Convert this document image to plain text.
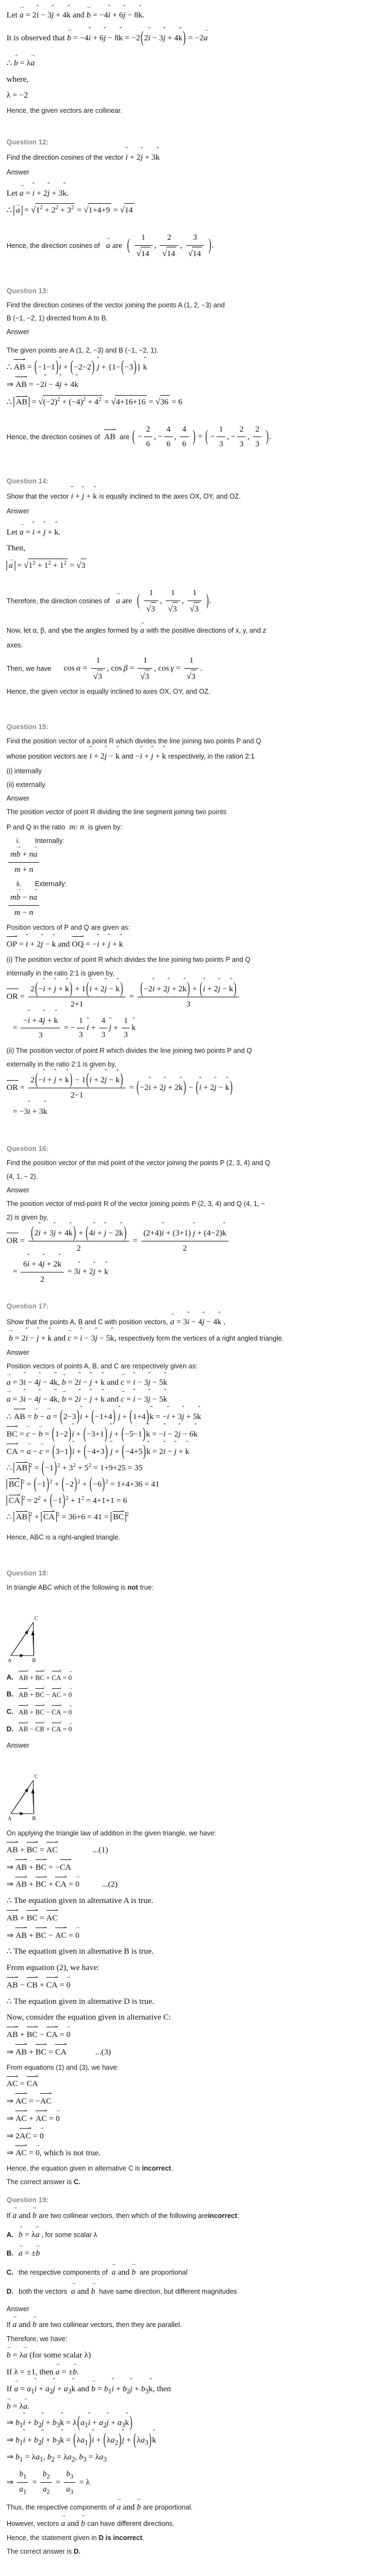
Let a → = 2i ˆ − 3j ˆ + 4k ˆ and b → = −4i ˆ + 6j ˆ − 8k ˆ.
It is observed that b → = −4i ˆ + 6j ˆ − 8k ˆ = −2(2i ˆ − 3j ˆ + 4k ˆ) = −2a →
∴ b → = λa →
where,
λ = −2
Hence, the given vectors are collinear.
Question 12:
Find the direction cosines of the vector i ˆ + 2j ˆ + 3k ˆ
Answer
Let a → = i ˆ + 2j ˆ + 3k ˆ.
∴ a → = $√1^2 + 2^2 + 3^2 = √1+4+9 = √14$
Hence, the direction cosines of a → are ( $\frac{1}{√14}$ , $\frac{2}{√14}$ , $\frac{3}{√14}$ ).
Question 13:
Find the direction cosines of the vector joining the points A (1, 2, −3) and
B (−1, −2, 1) directed from A to B.
Answer
The given points are A (1, 2, −3) and B (−1, −2, 1).
∴ → AB = (−1−1)i ˆ + (−2−2) j ˆ + {1−(−3)} k ˆ
⇒ → AB = −2i ˆ − 4j ˆ + 4k ˆ
∴ → AB = $√(-2)^2 + (-4)^2 + 4^2 = √4+16+16 = √36 = 6$
Hence, the direction cosines of → AB are ( − $\frac{2}{6}$ , − $\frac{4}{6}$ , $\frac{4}{6}$ ) = ( − $\frac{1}{3}$ , − $\frac{2}{3}$ , $\frac{2}{3}$ ).
Question 14:
Show that the vector i ˆ + j ˆ + k ˆ is equally inclined to the axes OX, OY, and OZ.
Answer
Let a → = i ˆ + j ˆ + k ˆ.
Then,
a → = $√1^2 + 1^2 + 1^2 = √3$
Therefore, the direction cosines of a → are ( $\frac{1}{√3}$ , $\frac{1}{√3}$ , $\frac{1}{√3}$ ).
Now, let α, β, and γbe the angles formed by a → with the positive directions of x, y, and z
axes.
Then, we have $\cos \alpha = \frac{1}{√3}$ , $\cos \beta = \frac{1}{√3}$ , $\cos \gamma = \frac{1}{√3}$ .
Hence, the given vector is equally inclined to axes OX, OY, and OZ.
Question 15:
Find the position vector of a point R which divides the line joining two points P and Q
whose position vectors are i ˆ + 2j ˆ − k ˆ and −i ˆ + j ˆ + k ˆ respectively, in the ration 2:1
(i) internally
(ii) externally
Answer
The position vector of point R dividing the line segment joining two points
P and Q in the ratio m: n is given by:
i.	Internally:
$\frac{mb \to + na \to}{m + n}$
ii.	Externally:
$\frac{mb \to - na \to}{m - n}$
Position vectors of P and Q are given as:
→ OP = i ˆ + 2j ˆ − k ˆ and → OQ = −i ˆ + j ˆ + k ˆ
(i) The position vector of point R which divides the line joining two points P and Q
internally in the ratio 2:1 is given by,
OR = $\frac{\text{2(−i ˆ + j ˆ + k ˆ) + 1(i ˆ + 2j ˆ − k ˆ)}}{2+1} = \frac{\text{(−2i ˆ + 2j ˆ + 2k ˆ) + (i ˆ + 2j ˆ − k ˆ)}}{3}$
= $\frac{\text{−i ˆ + 4j ˆ + k ˆ}}{3}$ = − $\frac{1}{3}$ i ˆ + $\frac{4}{3}$ j ˆ + $\frac{1}{3}$ k ˆ
(ii) The position vector of point R which divides the line joining two points P and Q
externally in the ratio 2:1 is given by,
OR = $\frac{\text{2(−i ˆ + j ˆ + k ˆ) − 1(i ˆ + 2j ˆ − k ˆ)}}{2-1} = (-2i$ ˆ + 2j ˆ + 2k ˆ) − (i ˆ + 2j ˆ − k ˆ)
= −3i ˆ + 3k ˆ
Question 16:
Find the position vector of the mid point of the vector joining the points P (2, 3, 4) and Q
(4, 1, − 2).
Answer
The position vector of mid-point R of the vector joining points P (2, 3, 4) and Q (4, 1, −
2) is given by,
OR = $\frac{\text{(2i ˆ + 3j ˆ + 4k ˆ) + (4i ˆ + j ˆ − 2k ˆ)}}{2} = \frac{\text{(2+4)i ˆ + (3+1) j ˆ + (4−2)k ˆ}}{2}$
= $\frac{\text{6i ˆ + 4j ˆ + 2k ˆ}}{2} = 3i$ ˆ + 2j ˆ + k ˆ
Question 17:
Show that the points A, B and C with position vectors, a → = 3i ˆ − 4j ˆ − 4k ˆ ,
b → = 2i ˆ − j ˆ + k ˆ and c → = i ˆ − 3j ˆ − 5k ˆ, respectively form the vertices of a right angled triangle.
Answer
Position vectors of points A, B, and C are respectively given as:
a → = 3i ˆ − 4j ˆ − 4k ˆ, b → = 2i ˆ − j ˆ + k ˆ and c → = i ˆ − 3j ˆ − 5k ˆ
a → = 3i ˆ − 4j ˆ − 4k ˆ, b → = 2i ˆ − j ˆ + k ˆ and c → = i ˆ − 3j ˆ − 5k ˆ
∴ → AB = b → − a → = (2−3)i ˆ + (−1+4) j ˆ + (1+4)k ˆ = −i ˆ + 3j ˆ + 5k ˆ
→ BC = c → − b → = (1−2)i ˆ + (−3+1) j ˆ + (−5−1)k ˆ = −i ˆ − 2j ˆ − 6k ˆ
→ CA = a → − c → = (3−1)i ˆ + (−4+3) j ˆ + (−4+5)k ˆ = 2i ˆ − j ˆ + k ˆ
∴ → AB $^2 = (-1)^2 + 3^2 + 5^2 = 1+9+25 = 35$
→ BC $^2 = (-1)^2 + (-2)^2 + (-6)^2 = 1+4+36 = 41$
→ CA $^2 = 2^2 + (-1)^2 + 1^2 = 4+1+1 = 6$
∴ → AB $^2$ + → CA $^2$ = 36+6 = 41 = → BC $^2$
Hence, ABC is a right-angled triangle.
Question 18:
In triangle ABC which of the following is not true:
A	B
C
A. → AB + → BC + → CA = 0 →
B. → AB + → BC − → AC = 0 →
C. → AB + → BC − → CA = 0 →
D. → AB − → CB + → CA = 0 →
Answer
A	B
C
On applying the triangle law of addition in the given triangle, we have:
→ AB + → BC = → AC	...(1)
⇒ → AB + → BC = −→ CA
⇒ → AB + → BC + → CA = 0 →	...(2)
∴ The equation given in alternative A is true.
→ AB + → BC = → AC
⇒ → AB + → BC − → AC = 0 →
∴ The equation given in alternative B is true.
From equation (2), we have:
→ AB − → CB + → CA = 0 →
∴ The equation given in alternative D is true.
Now, consider the equation given in alternative C:
→ AB + → BC − → CA = 0 →
⇒ → AB + → BC = → CA	...(3)
From equations (1) and (3), we have:
→ AC = → CA
⇒ → AC = −→ AC
⇒ → AC + → AC = 0 →
⇒ 2→ AC = 0 →
⇒ → AC = 0 →, which is not true.
Hence, the equation given in alternative C is incorrect.
The correct answer is C.
Question 19:
If a → and b → are two collinear vectors, then which of the following are incorrect :
A. b → = λa → , for some scalar λ
B. a → = ±b →
C. the respective components of a → and b → are proportional
D. both the vectors a → and b → have same direction, but different magnitudes
Answer
If a → and b → are two collinear vectors, then they are parallel.
Therefore, we have:
b → = λa → (for some scalar λ)
If λ = ±1, then a → = ±b →.
If a → = $a_1i$ ˆ + $a_2j$ ˆ + $a_3k$ ˆ and b → = $b_1i$ ˆ + $b_2j$ ˆ + $b_3k$ ˆ, then
b → = λa →.
⇒ $b_1i$ ˆ + $b_2j$ ˆ + $b_3k$ ˆ = $\lambda(a_1i$ ˆ + $a_2j$ ˆ + $a_3k$ ˆ)
⇒ $b_1i$ ˆ + $b_2j$ ˆ + $b_3k$ ˆ = $(\lambda a_1)i$ ˆ + $(\lambda a_2)j$ ˆ + $(\lambda a_3)k$ ˆ
⇒ $b_1 = \lambda a_1$, $b_2 = \lambda a_2$, $b_3 = \lambda a_3$
⇒ $\frac{b_1}{a_1} = \frac{b_2}{a_2} = \frac{b_3}{a_3} = \lambda$
Thus, the respective components of a → and b → are proportional.
However, vectors a → and b → can have different directions.
Hence, the statement given in D is incorrect.
The correct answer is D.
